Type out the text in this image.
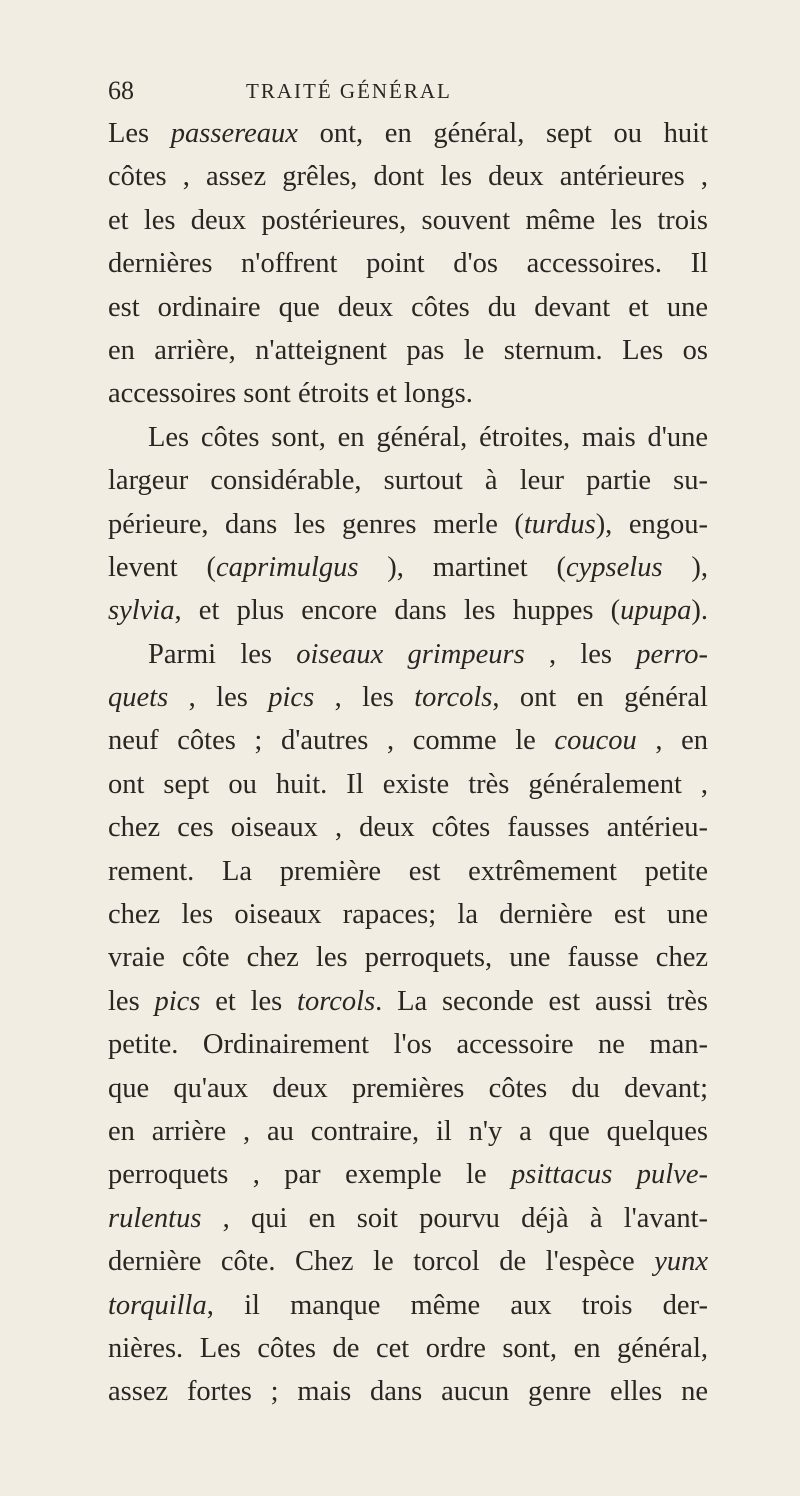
68	TRAITÉ GÉNÉRAL
Les passereaux ont, en général, sept ou huit
côtes , assez grêles, dont les deux antérieures ,
et les deux postérieures, souvent même les trois
dernières n'offrent point d'os accessoires. Il
est ordinaire que deux côtes du devant et une
en arrière, n'atteignent pas le sternum. Les os
accessoires sont étroits et longs.
Les côtes sont, en général, étroites, mais d'une
largeur considérable, surtout à leur partie su-
périeure, dans les genres merle (turdus), engou-
levent (caprimulgus ), martinet (cypselus ),
sylvia, et plus encore dans les huppes (upupa).
Parmi les oiseaux grimpeurs , les perro-
quets , les pics , les torcols, ont en général
neuf côtes ; d'autres , comme le coucou , en
ont sept ou huit. Il existe très généralement ,
chez ces oiseaux , deux côtes fausses antérieu-
rement. La première est extrêmement petite
chez les oiseaux rapaces; la dernière est une
vraie côte chez les perroquets, une fausse chez
les pics et les torcols. La seconde est aussi très
petite. Ordinairement l'os accessoire ne man-
que qu'aux deux premières côtes du devant;
en arrière , au contraire, il n'y a que quelques
perroquets , par exemple le psittacus pulve-
rulentus , qui en soit pourvu déjà à l'avant-
dernière côte. Chez le torcol de l'espèce yunx
torquilla, il manque même aux trois der-
nières. Les côtes de cet ordre sont, en général,
assez fortes ; mais dans aucun genre elles ne
